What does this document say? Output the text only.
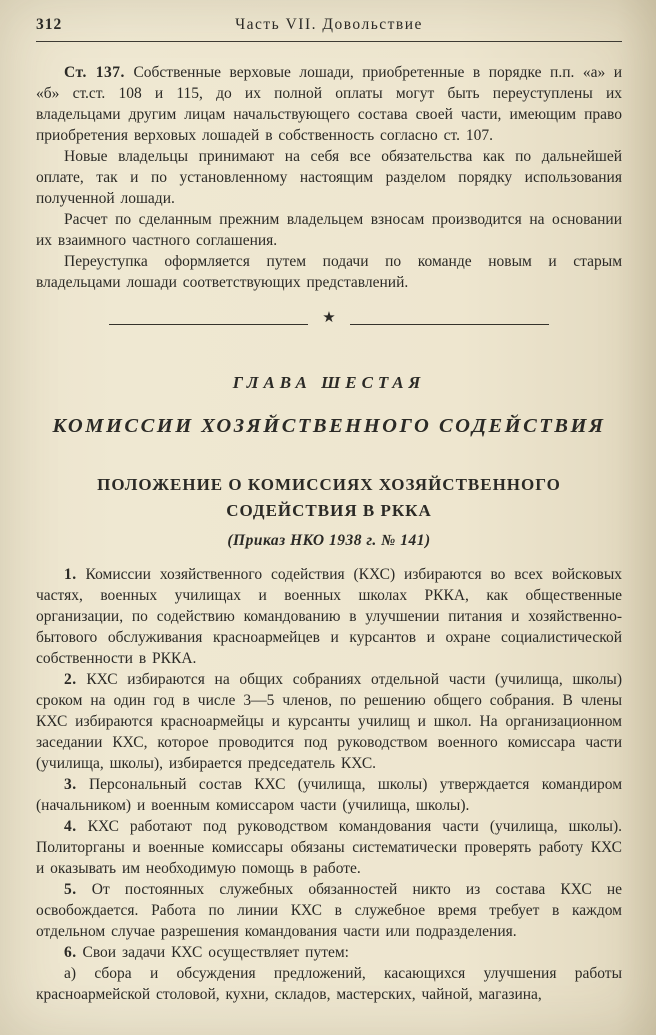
312	Часть VII. Довольствие

Ст. 137. Собственные верховые лошади, приобретенные в порядке п.п. «а» и «б» ст.ст. 108 и 115, до их полной оплаты могут быть переуступлены их владельцами другим лицам начальствующего состава своей части, имеющим право приобретения верховых лошадей в собственность согласно ст. 107.

Новые владельцы принимают на себя все обязательства как по дальнейшей оплате, так и по установленному настоящим разделом порядку использования полученной лошади.

Расчет по сделанным прежним владельцем взносам производится на основании их взаимного частного соглашения.

Переуступка оформляется путем подачи по команде новым и старым владельцами лошади соответствующих представлений.

★
ГЛАВА ШЕСТАЯ
КОМИССИИ ХОЗЯЙСТВЕННОГО СОДЕЙСТВИЯ
ПОЛОЖЕНИЕ О КОМИССИЯХ ХОЗЯЙСТВЕННОГО СОДЕЙСТВИЯ В РККА
(Приказ НКО 1938 г. № 141)

1. Комиссии хозяйственного содействия (КХС) избираются во всех войсковых частях, военных училищах и военных школах РККА, как общественные организации, по содействию командованию в улучшении питания и хозяйственно-бытового обслуживания красноармейцев и курсантов и охране социалистической собственности в РККА.

2. КХС избираются на общих собраниях отдельной части (училища, школы) сроком на один год в числе 3—5 членов, по решению общего собрания. В члены КХС избираются красноармейцы и курсанты училищ и школ. На организационном заседании КХС, которое проводится под руководством военного комиссара части (училища, школы), избирается председатель КХС.

3. Персональный состав КХС (училища, школы) утверждается командиром (начальником) и военным комиссаром части (училища, школы).

4. КХС работают под руководством командования части (училища, школы). Политорганы и военные комиссары обязаны систематически проверять работу КХС и оказывать им необходимую помощь в работе.

5. От постоянных служебных обязанностей никто из состава КХС не освобождается. Работа по линии КХС в служебное время требует в каждом отдельном случае разрешения командования части или подразделения.

6. Свои задачи КХС осуществляет путем:

а) сбора и обсуждения предложений, касающихся улучшения работы красноармейской столовой, кухни, складов, мастерских, чайной, магазина,
